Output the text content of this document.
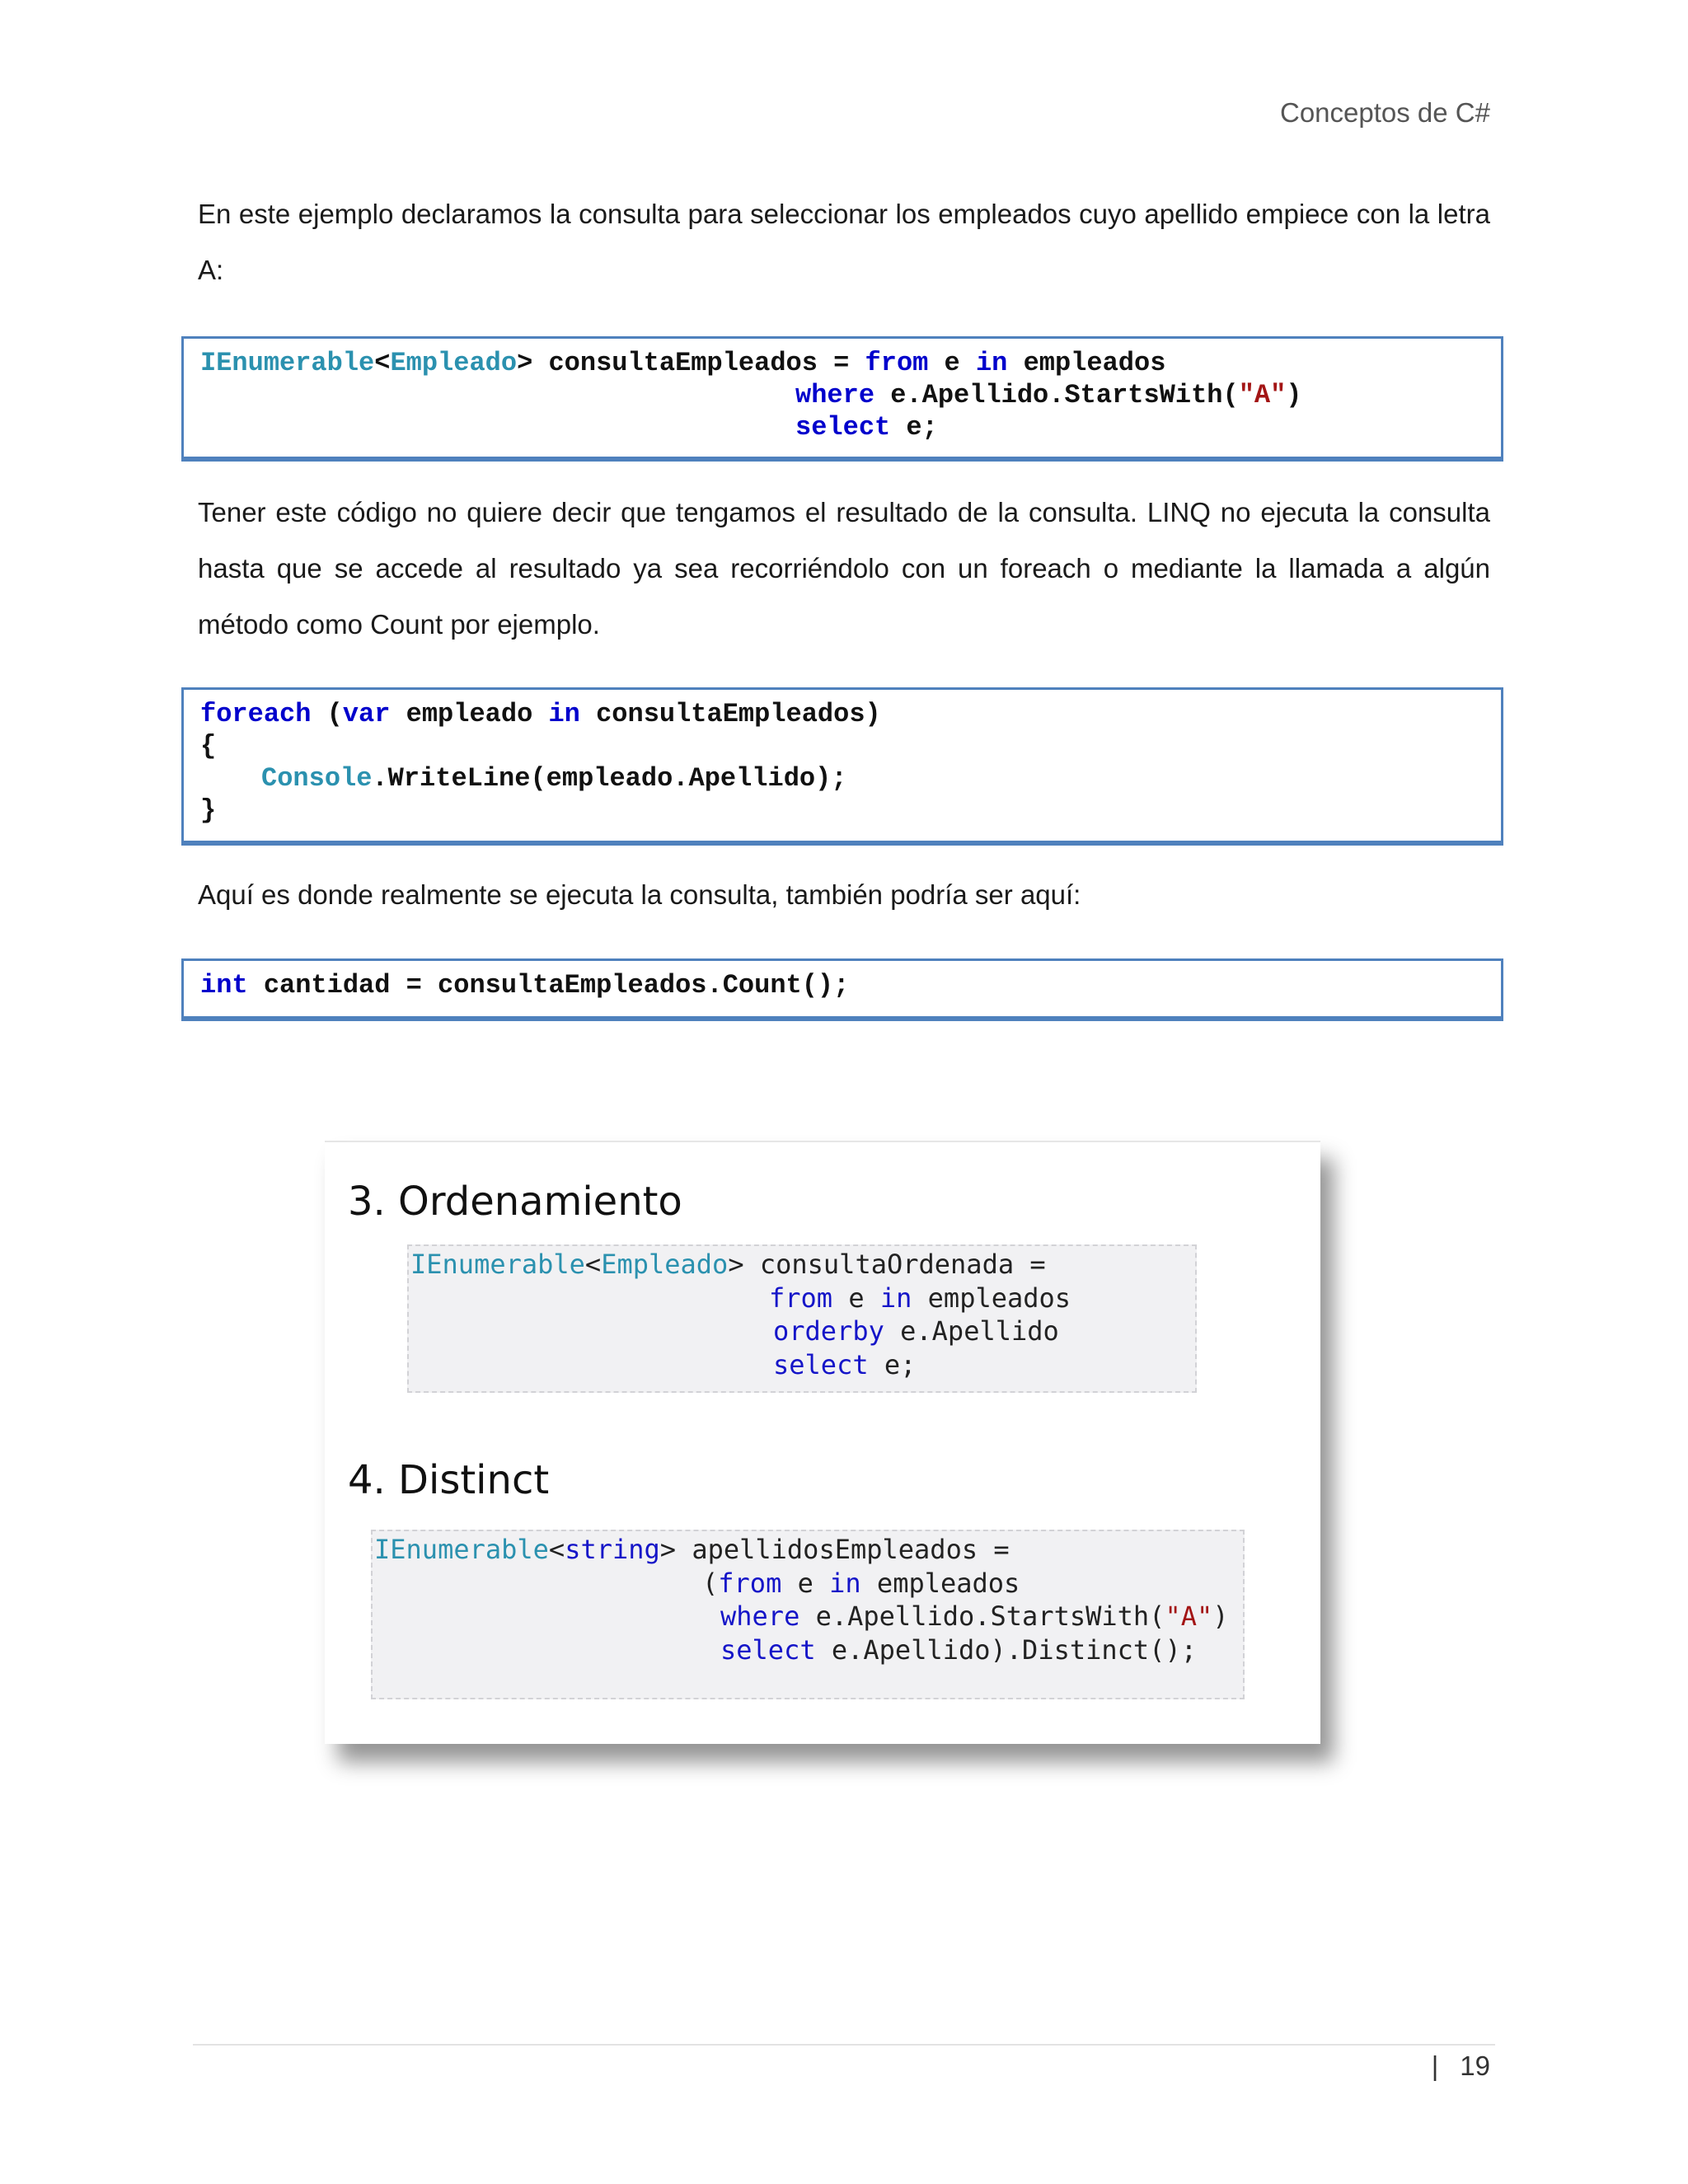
Conceptos de C#

En este ejemplo declaramos la consulta para seleccionar los empleados cuyo apellido empiece con la letra A:

IEnumerable<Empleado> consultaEmpleados = from e in empleados
where e.Apellido.StartsWith("A")
select e;

Tener este código no quiere decir que tengamos el resultado de la consulta. LINQ no ejecuta la consulta hasta que se accede al resultado ya sea recorriéndolo con un foreach o mediante la llamada a algún método como Count por ejemplo.

foreach (var empleado in consultaEmpleados)
{
Console.WriteLine(empleado.Apellido);
}

Aquí es donde realmente se ejecuta la consulta, también podría ser aquí:

int cantidad = consultaEmpleados.Count();
3. Ordenamiento
IEnumerable<Empleado> consultaOrdenada =
from e in empleados
orderby e.Apellido
select e;
4. Distinct
IEnumerable<string> apellidosEmpleados =
(from e in empleados
where e.Apellido.StartsWith("A")
select e.Apellido).Distinct();
| 19
